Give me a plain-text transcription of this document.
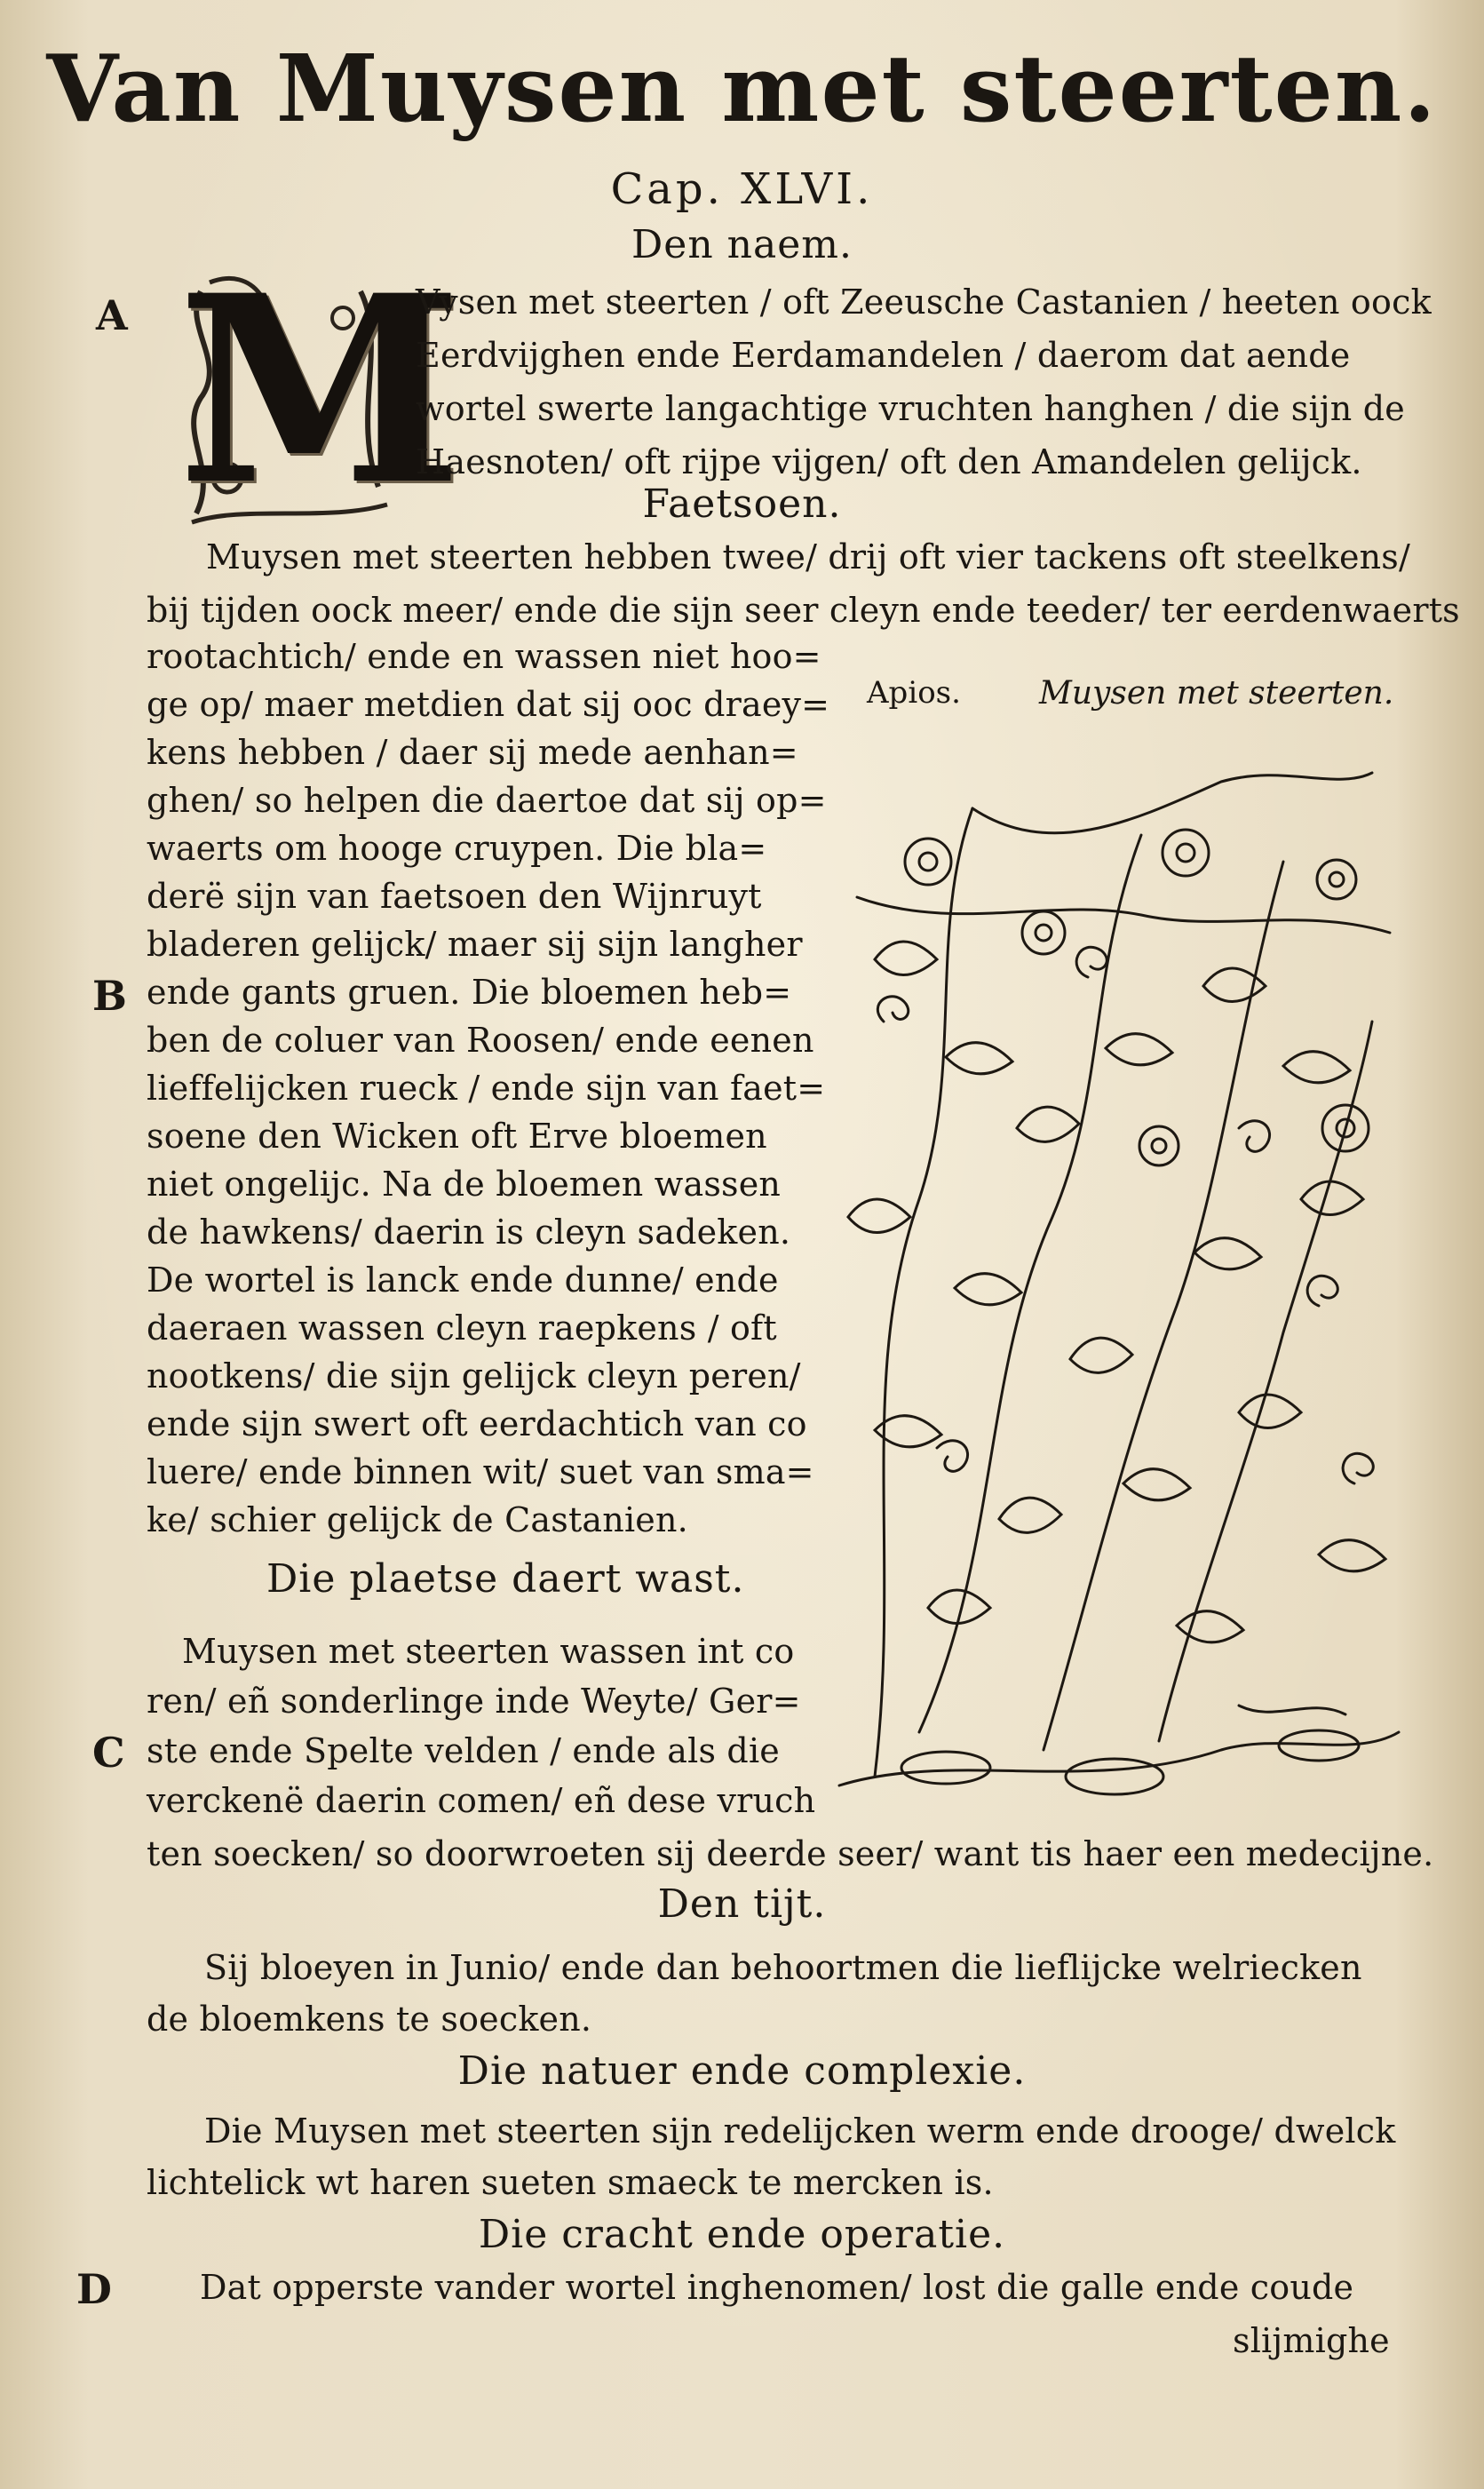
Van Muysen met steerten.
Cap. XLVI.
Den naem.
A M

Vysen met steerten / oft Zeeusche Castanien / heeten oock

Eerdvijghen ende Eerdamandelen / daerom dat aende

wortel swerte langachtige vruchten hanghen / die sijn de

Haesnoten/ oft rijpe vijgen/ oft den Amandelen gelijck.

Faetsoen.

Muysen met steerten hebben twee/ drij oft vier tackens oft steelkens/

bij tijden oock meer/ ende die sijn seer cleyn ende teeder/ ter eerdenwaerts

rootachtich/ ende en wassen niet hoo=

ge op/ maer metdien dat sij ooc draey=

kens hebben / daer sij mede aenhan=

ghen/ so helpen die daertoe dat sij op=

waerts om hooge cruypen. Die bla=

derë sijn van faetsoen den Wijnruyt

bladeren gelijck/ maer sij sijn langher

B ende gants gruen. Die bloemen heb=

ben de coluer van Roosen/ ende eenen

lieffelijcken rueck / ende sijn van faet=

soene den Wicken oft Erve bloemen

niet ongelijc. Na de bloemen wassen

de hawkens/ daerin is cleyn sadeken.

De wortel is lanck ende dunne/ ende

daeraen wassen cleyn raepkens / oft

nootkens/ die sijn gelijck cleyn peren/

ende sijn swert oft eerdachtich van co

luere/ ende binnen wit/ suet van sma=

ke/ schier gelijck de Castanien.

Apios. Muysen met steerten.
Die plaetse daert wast.

Muysen met steerten wassen int co

ren/ eñ sonderlinge inde Weyte/ Ger=

C ste ende Spelte velden / ende als die

verckenë daerin comen/ eñ dese vruch

ten soecken/ so doorwroeten sij deerde seer/ want tis haer een medecijne.

Den tijt.

Sij bloeyen in Junio/ ende dan behoortmen die lieflijcke welriecken

de bloemkens te soecken.

Die natuer ende complexie.

Die Muysen met steerten sijn redelijcken werm ende drooge/ dwelck

lichtelick wt haren sueten smaeck te mercken is.

Die cracht ende operatie.
D	Dat opperste vander wortel inghenomen/ lost die galle ende coude

slijmighe
